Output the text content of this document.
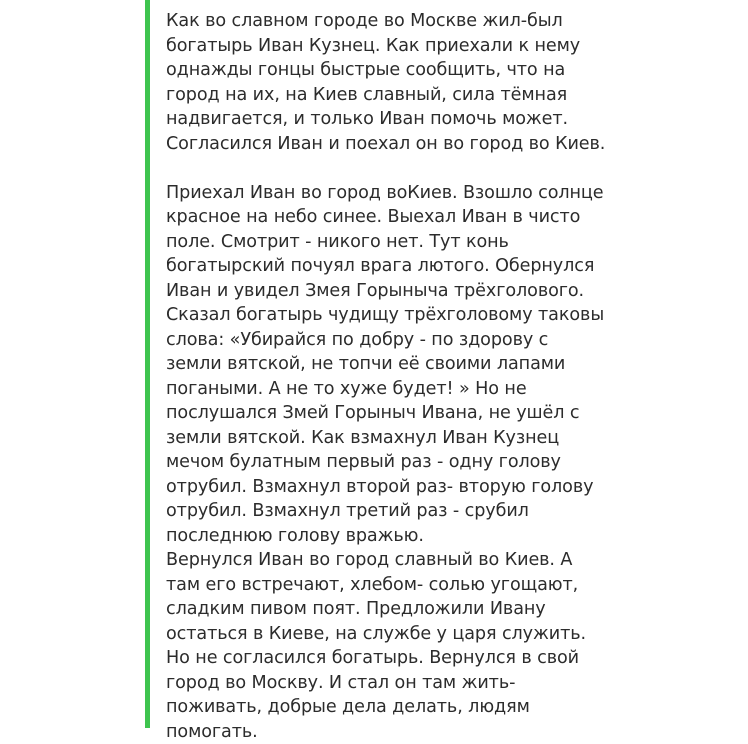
Как во славном городе во Москве жил-был
богатырь Иван Кузнец. Как приехали к нему
однажды гонцы быстрые сообщить, что на
город на их, на Киев славный, сила тёмная
надвигается, и только Иван помочь может.
Согласился Иван и поехал он во город во Киев.

Приехал Иван во город воКиев. Взошло солнце
красное на небо синее. Выехал Иван в чисто
поле. Смотрит - никого нет. Тут конь
богатырский почуял врага лютого. Обернулся
Иван и увидел Змея Горыныча трёхголового.
Сказал богатырь чудищу трёхголовому таковы
слова: «Убирайся по добру - по здорову с
земли вятской, не топчи её своими лапами
погаными. А не то хуже будет! » Но не
послушался Змей Горыныч Ивана, не ушёл с
земли вятской. Как взмахнул Иван Кузнец
мечом булатным первый раз - одну голову
отрубил. Взмахнул второй раз- вторую голову
отрубил. Взмахнул третий раз - срубил
последнюю голову вражью.

Вернулся Иван во город славный во Киев. А
там его встречают, хлебом- солью угощают,
сладким пивом поят. Предложили Ивану
остаться в Киеве, на службе у царя служить.
Но не согласился богатырь. Вернулся в свой
город во Москву. И стал он там жить-
поживать, добрые дела делать, людям
помогать.
